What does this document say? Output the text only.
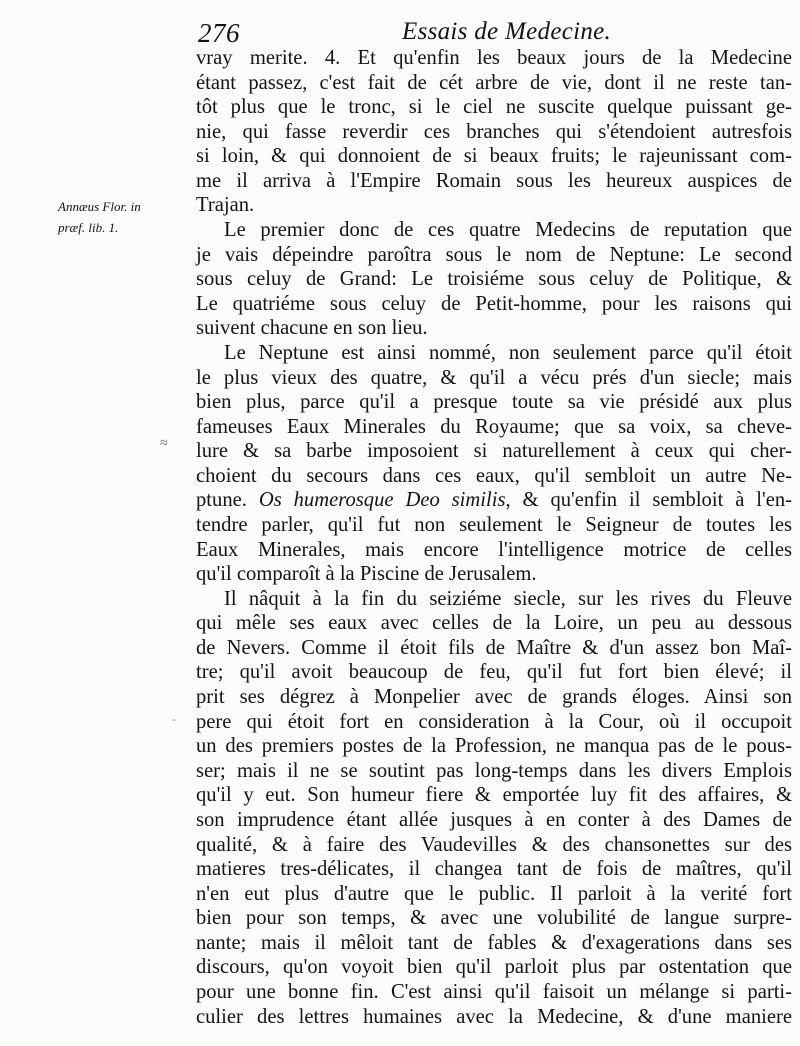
276	Essais de Medecine.
Annæus Flor. in
præf. lib. 1.
≈
-
vray merite. 4. Et qu'enfin les beaux jours de la Medecine
étant passez, c'est fait de cét arbre de vie, dont il ne reste tan-
tôt plus que le tronc, si le ciel ne suscite quelque puissant ge-
nie, qui fasse reverdir ces branches qui s'étendoient autresfois
si loin, & qui donnoient de si beaux fruits; le rajeunissant com-
me il arriva à l'Empire Romain sous les heureux auspices de
Trajan.
Le premier donc de ces quatre Medecins de reputation que
je vais dépeindre paroîtra sous le nom de Neptune: Le second
sous celuy de Grand: Le troisiéme sous celuy de Politique, &
Le quatriéme sous celuy de Petit-homme, pour les raisons qui
suivent chacune en son lieu.
Le Neptune est ainsi nommé, non seulement parce qu'il étoit
le plus vieux des quatre, & qu'il a vécu prés d'un siecle; mais
bien plus, parce qu'il a presque toute sa vie présidé aux plus
fameuses Eaux Minerales du Royaume; que sa voix, sa cheve-
lure & sa barbe imposoient si naturellement à ceux qui cher-
choient du secours dans ces eaux, qu'il sembloit un autre Ne-
ptune. Os humerosque Deo similis, & qu'enfin il sembloit à l'en-
tendre parler, qu'il fut non seulement le Seigneur de toutes les
Eaux Minerales, mais encore l'intelligence motrice de celles
qu'il comparoît à la Piscine de Jerusalem.
Il nâquit à la fin du seiziéme siecle, sur les rives du Fleuve
qui mêle ses eaux avec celles de la Loire, un peu au dessous
de Nevers. Comme il étoit fils de Maître & d'un assez bon Maî-
tre; qu'il avoit beaucoup de feu, qu'il fut fort bien élevé; il
prit ses dégrez à Monpelier avec de grands éloges. Ainsi son
pere qui étoit fort en consideration à la Cour, où il occupoit
un des premiers postes de la Profession, ne manqua pas de le pous-
ser; mais il ne se soutint pas long-temps dans les divers Emplois
qu'il y eut. Son humeur fiere & emportée luy fit des affaires, &
son imprudence étant allée jusques à en conter à des Dames de
qualité, & à faire des Vaudevilles & des chansonettes sur des
matieres tres-délicates, il changea tant de fois de maîtres, qu'il
n'en eut plus d'autre que le public. Il parloit à la verité fort
bien pour son temps, & avec une volubilité de langue surpre-
nante; mais il mêloit tant de fables & d'exagerations dans ses
discours, qu'on voyoit bien qu'il parloit plus par ostentation que
pour une bonne fin. C'est ainsi qu'il faisoit un mélange si parti-
culier des lettres humaines avec la Medecine, & d'une maniere
